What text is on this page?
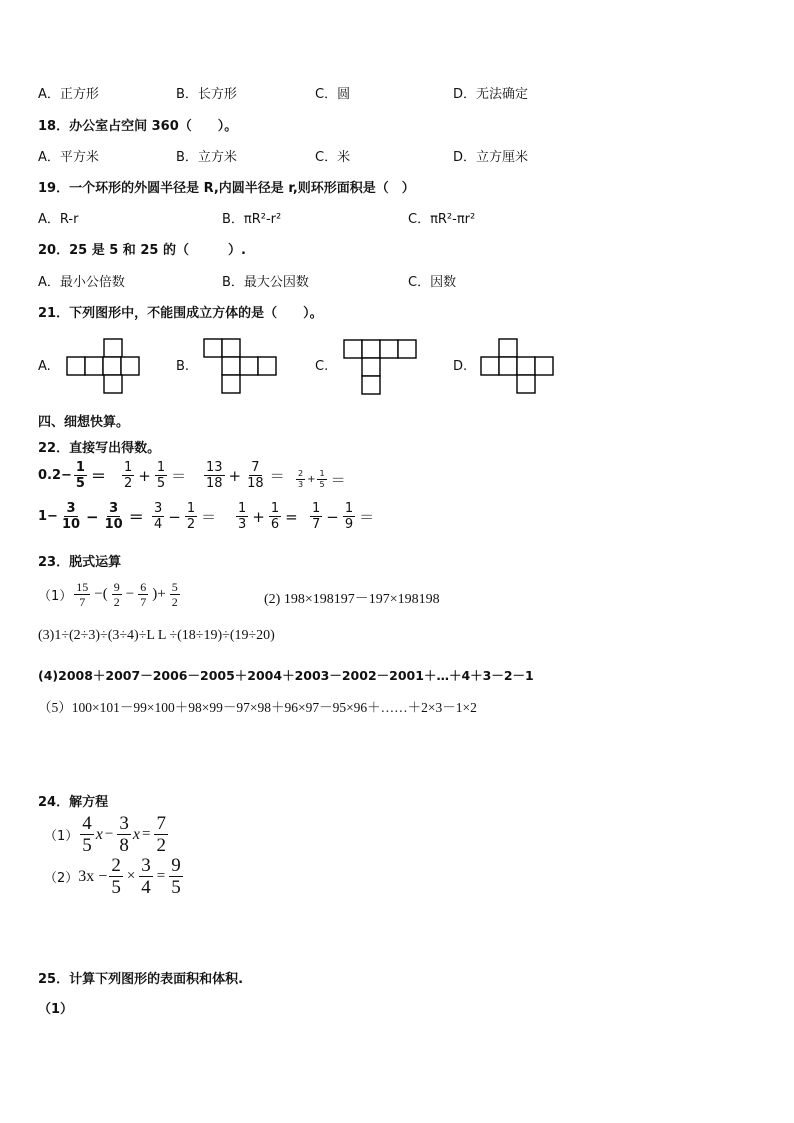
A．正方形	B．长方形	C．圆	D．无法确定
18．办公室占空间 360（　　）。
A．平方米	B．立方米	C．米	D．立方厘米
19．一个环形的外圆半径是 R,内圆半径是 r,则环形面积是（　）
A．R-r	B．πR²-r²	C．πR²-πr²
20．25 是 5 和 25 的（　　　）.
A．最小公倍数	B．最大公因数	C．因数
21．下列图形中，不能围成立方体的是（　　）。
A.	B.	C.	D.
四、细想快算。
22．直接写出得数。
$0.2- \frac{1}{5} = \frac{1}{2} + \frac{1}{5} = \frac{13}{18} + \frac{7}{18} = \frac{2}{3} + \frac{1}{5}$ ＝
$1- \frac{3}{10} - \frac{3}{10} = \frac{3}{4} - \frac{1}{2} = \frac{1}{3} + \frac{1}{6} = \frac{1}{7} - \frac{1}{9}$ ＝
23．脱式运算
$(1) \frac{15}{7}$ −( $\frac{9}{2} - \frac{6}{7}$ )+ $\frac{5}{2}$	(2) 198×198197－197×198198
(3)1÷(2÷3)÷(3÷4)÷L L ÷(18÷19)÷(19÷20)
(4)2008＋2007－2006－2005＋2004＋2003－2002－2001＋…＋4＋3－2－1
（5）100×101－99×100＋98×99－97×98＋96×97－95×96＋……＋2×3－1×2
24．解方程
$(1) \frac{4}{5}$ $x - \frac{3}{8}$ $x = \frac{7}{2}$
（2） $3x - \frac{2}{5} \times \frac{3}{4} = \frac{9}{5}$
25．计算下列图形的表面积和体积.
（1）
